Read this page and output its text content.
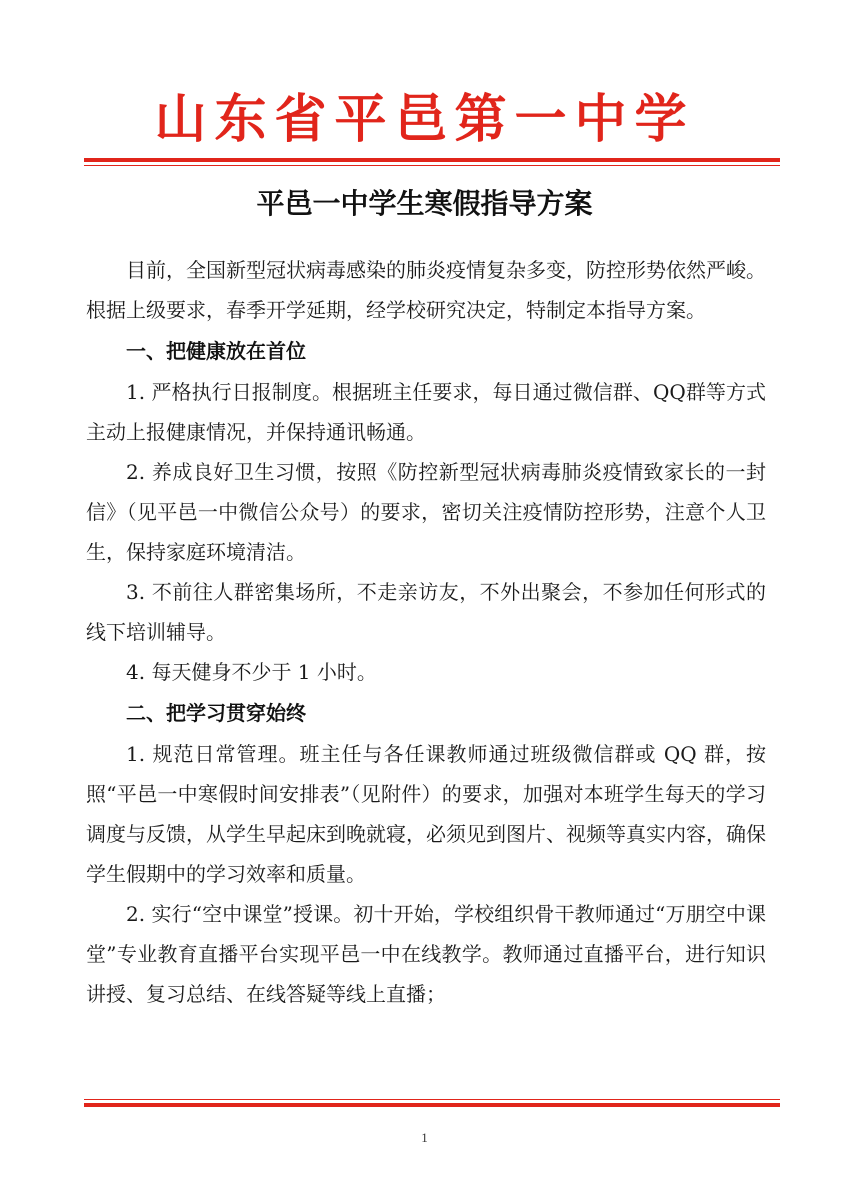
山东省平邑第一中学
平邑一中学生寒假指导方案

目前，全国新型冠状病毒感染的肺炎疫情复杂多变，防控形势依然严峻。根据上级要求，春季开学延期，经学校研究决定，特制定本指导方案。

一、把健康放在首位

1. 严格执行日报制度。根据班主任要求，每日通过微信群、QQ群等方式主动上报健康情况，并保持通讯畅通。

2. 养成良好卫生习惯，按照《防控新型冠状病毒肺炎疫情致家长的一封信》（见平邑一中微信公众号）的要求，密切关注疫情防控形势，注意个人卫生，保持家庭环境清洁。

3. 不前往人群密集场所，不走亲访友，不外出聚会，不参加任何形式的线下培训辅导。

4. 每天健身不少于 1 小时。

二、把学习贯穿始终

1. 规范日常管理。班主任与各任课教师通过班级微信群或 QQ 群，按照“平邑一中寒假时间安排表”（见附件）的要求，加强对本班学生每天的学习调度与反馈，从学生早起床到晚就寝，必须见到图片、视频等真实内容，确保学生假期中的学习效率和质量。

2. 实行“空中课堂”授课。初十开始，学校组织骨干教师通过“万朋空中课堂”专业教育直播平台实现平邑一中在线教学。教师通过直播平台，进行知识讲授、复习总结、在线答疑等线上直播；

1
